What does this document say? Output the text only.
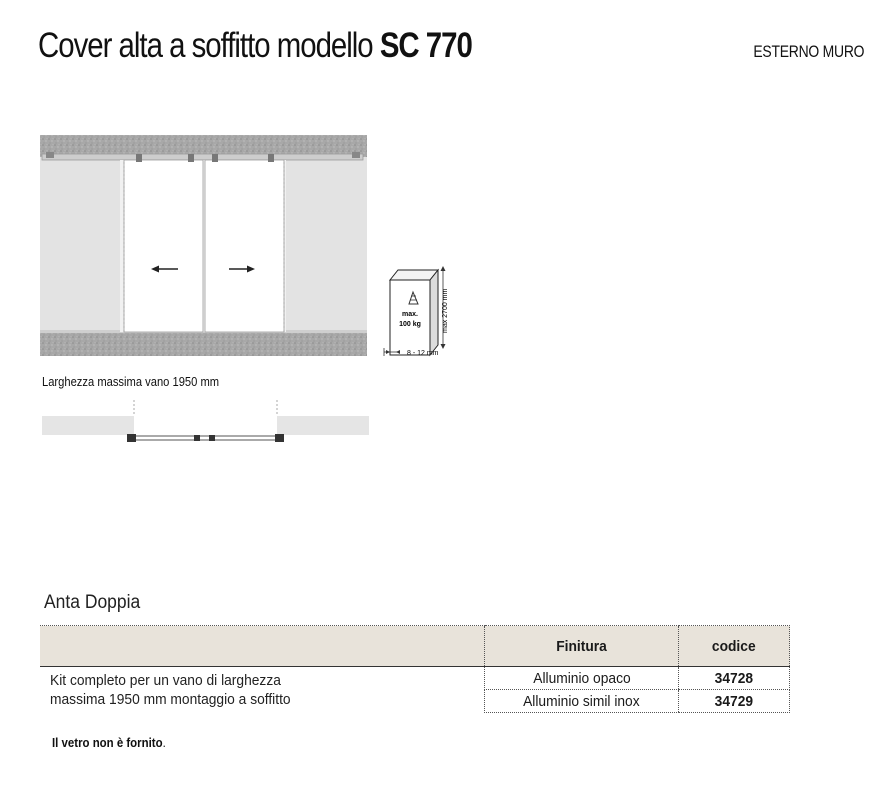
Cover alta a soffitto modello SC 770	ESTERNO MURO
max.
100 kg	max 2700 mm
8 - 12 mm
Larghezza massima vano 1950 mm
Anta Doppia
	Finitura	codice
Kit completo per un vano di larghezza
massima 1950 mm montaggio a soffitto	Alluminio opaco	34728
	Alluminio simil inox	34729
Il vetro non è fornito.
